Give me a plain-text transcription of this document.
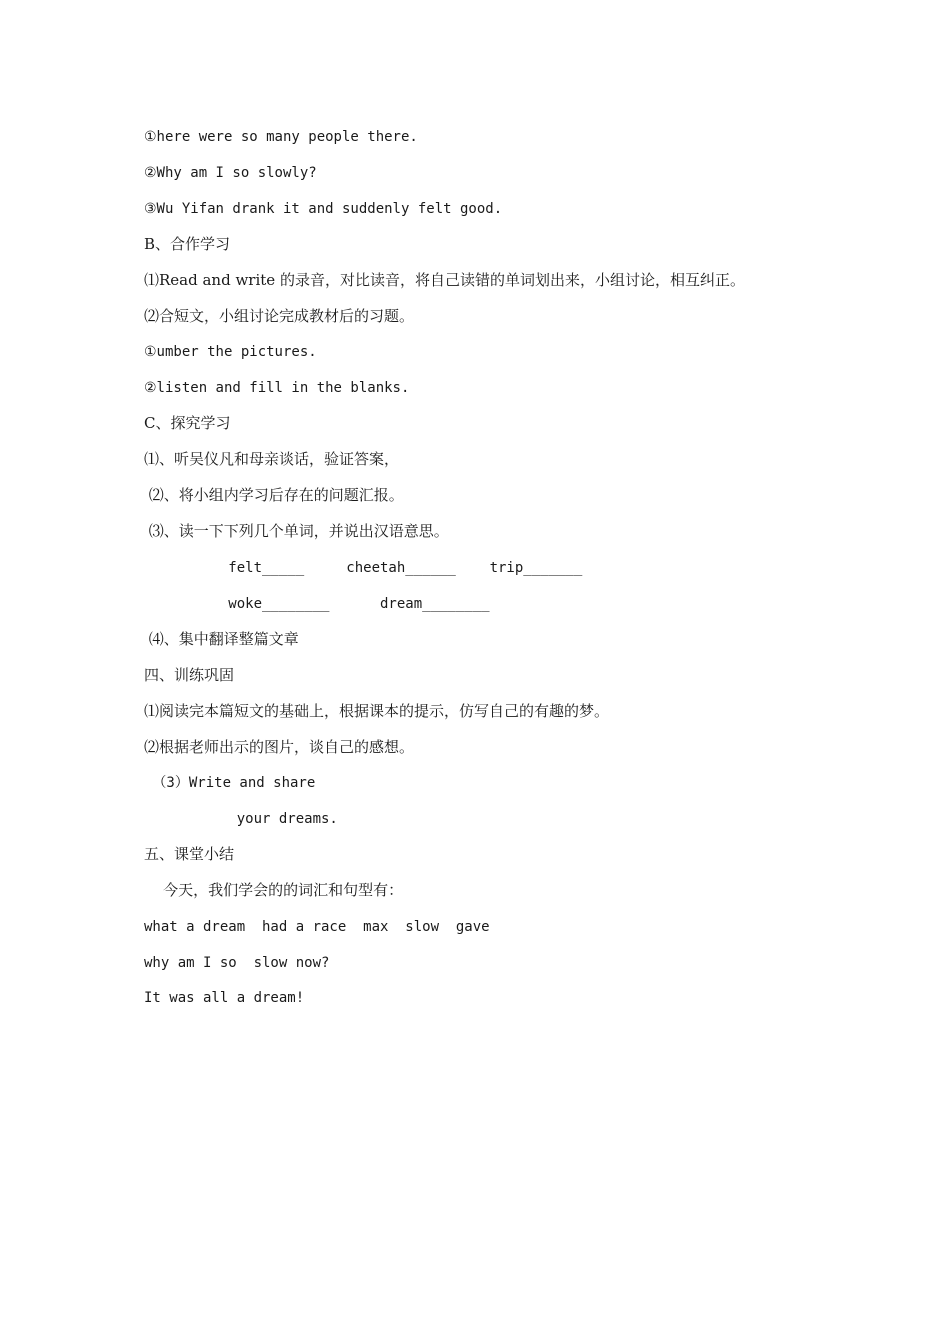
①here were so many people there.
②Why am I so slowly?
③Wu Yifan drank it and suddenly felt good.
B、合作学习
⑴Read and write 的录音，对比读音，将自己读错的单词划出来，小组讨论，相互纠正。
⑵合短文，小组讨论完成教材后的习题。
①umber the pictures.
②listen and fill in the blanks.
C、探究学习
⑴、听吴仪凡和母亲谈话，验证答案，
⑵、将小组内学习后存在的问题汇报。
⑶、读一下下列几个单词，并说出汉语意思。
felt_____     cheetah______    trip_______
woke________      dream________
⑷、集中翻译整篇文章
四、训练巩固
⑴阅读完本篇短文的基础上，根据课本的提示，仿写自己的有趣的梦。
⑵根据老师出示的图片，谈自己的感想。
（3）Write and share
your dreams.
五、课堂小结
今天，我们学会的的词汇和句型有：
what a dream  had a race  max  slow  gave
why am I so  slow now?
It was all a dream!
